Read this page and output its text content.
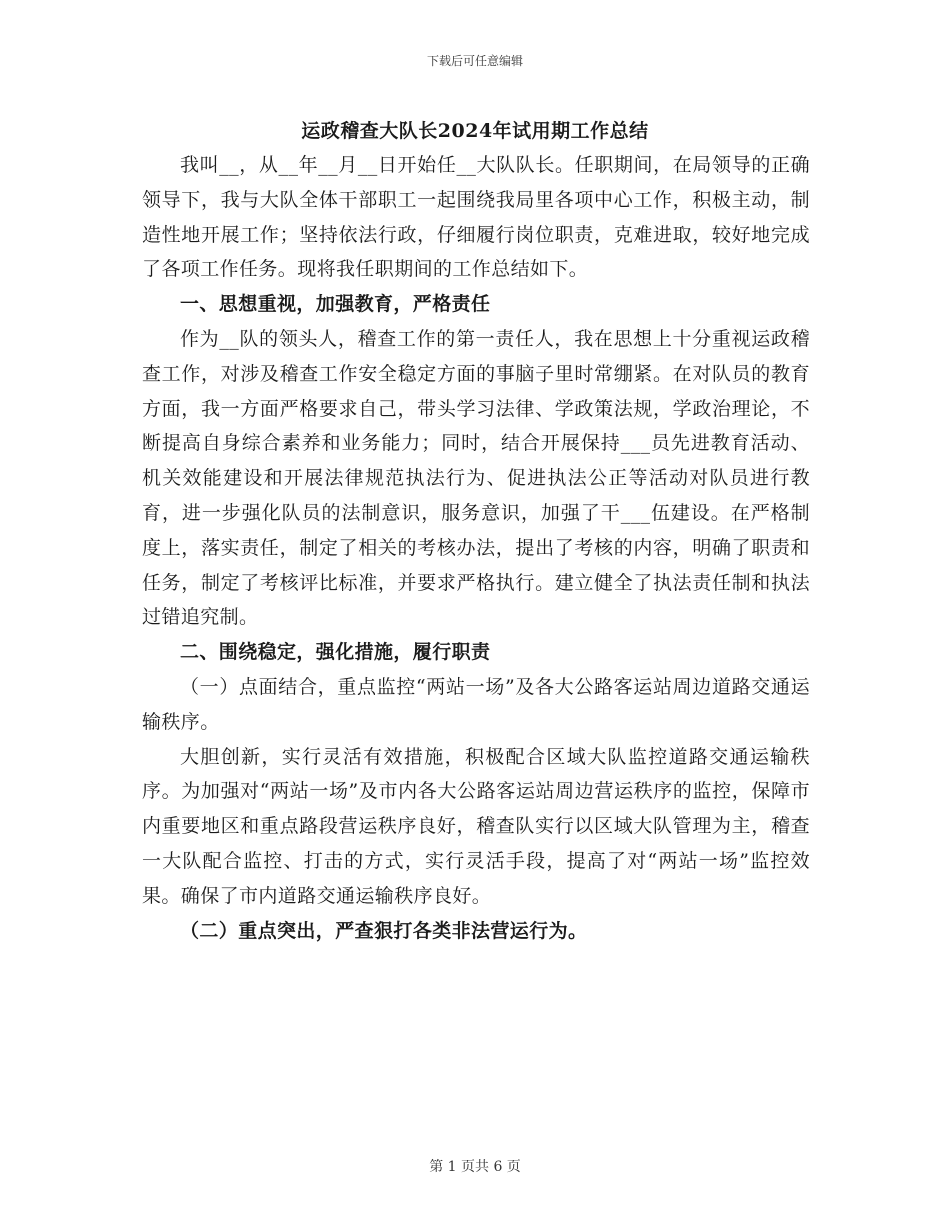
下载后可任意编辑
运政稽查大队长2024年试用期工作总结

我叫__，从__年__月__日开始任__大队队长。任职期间，在局领导的正确领导下，我与大队全体干部职工一起围绕我局里各项中心工作，积极主动，制造性地开展工作；坚持依法行政，仔细履行岗位职责，克难进取，较好地完成了各项工作任务。现将我任职期间的工作总结如下。

一、思想重视，加强教育，严格责任

作为__队的领头人，稽查工作的第一责任人，我在思想上十分重视运政稽查工作，对涉及稽查工作安全稳定方面的事脑子里时常绷紧。在对队员的教育方面，我一方面严格要求自己，带头学习法律、学政策法规，学政治理论，不断提高自身综合素养和业务能力；同时，结合开展保持___员先进教育活动、机关效能建设和开展法律规范执法行为、促进执法公正等活动对队员进行教育，进一步强化队员的法制意识，服务意识，加强了干___伍建设。在严格制度上，落实责任，制定了相关的考核办法，提出了考核的内容，明确了职责和任务，制定了考核评比标准，并要求严格执行。建立健全了执法责任制和执法过错追究制。

二、围绕稳定，强化措施，履行职责

（一）点面结合，重点监控“两站一场”及各大公路客运站周边道路交通运输秩序。

大胆创新，实行灵活有效措施，积极配合区域大队监控道路交通运输秩序。为加强对“两站一场”及市内各大公路客运站周边营运秩序的监控，保障市内重要地区和重点路段营运秩序良好，稽查队实行以区域大队管理为主，稽查一大队配合监控、打击的方式，实行灵活手段，提高了对“两站一场”监控效果。确保了市内道路交通运输秩序良好。

（二）重点突出，严查狠打各类非法营运行为。

第 1 页共 6 页
